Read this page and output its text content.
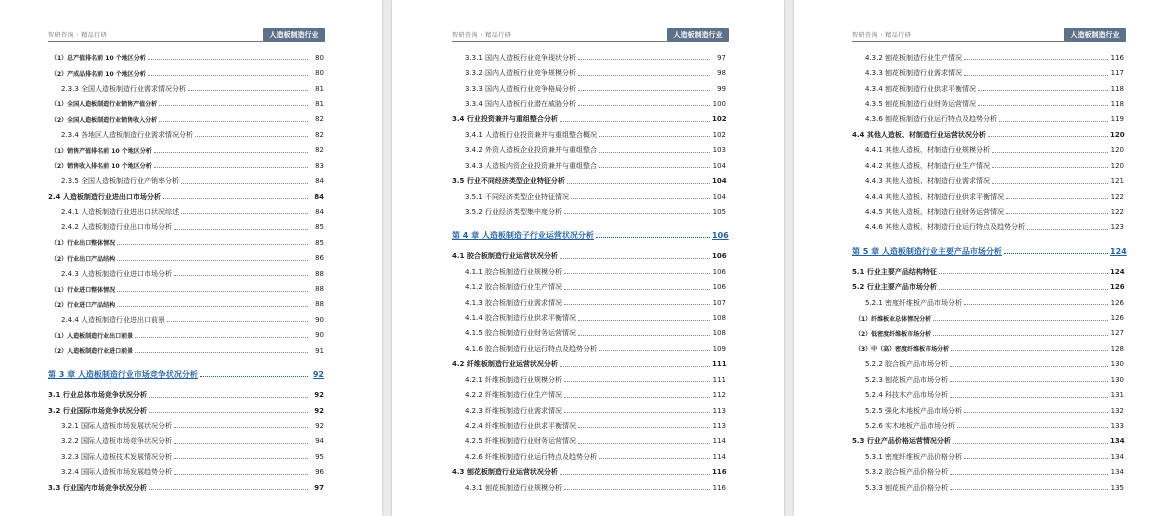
智研咨询 · 精品行研	人造板制造行业
（1）总产值排名前 10 个地区分析	80
（2）产成品排名前 10 个地区分析	80
2.3.3 全国人造板制造行业需求情况分析	81
（1）全国人造板制造行业销售产值分析	81
（2）全国人造板制造行业销售收入分析	82
2.3.4 各地区人造板制造行业需求情况分析	82
（1）销售产值排名前 10 个地区分析	82
（2）销售收入排名前 10 个地区分析	83
2.3.5 全国人造板制造行业产销率分析	84
2.4 人造板制造行业进出口市场分析	84
2.4.1 人造板制造行业进出口状况综述	84
2.4.2 人造板制造行业出口市场分析	85
（1）行业出口整体情况	85
（2）行业出口产品结构	86
2.4.3 人造板制造行业进口市场分析	88
（1）行业进口整体情况	88
（2）行业进口产品结构	88
2.4.4 人造板制造行业进出口前景	90
（1）人造板制造行业出口前景	90
（2）人造板制造行业进口前景	91
第 3 章 人造板制造行业市场竞争状况分析	92
3.1 行业总体市场竞争状况分析	92
3.2 行业国际市场竞争状况分析	92
3.2.1 国际人造板市场发展状况分析	92
3.2.2 国际人造板市场竞争状况分析	94
3.2.3 国际人造板技术发展情况分析	95
3.2.4 国际人造板市场发展趋势分析	96
3.3 行业国内市场竞争状况分析	97
智研咨询 · 精品行研	人造板制造行业
3.3.1 国内人造板行业竞争现状分析	97
3.3.2 国内人造板行业竞争规模分析	98
3.3.3 国内人造板行业竞争格局分析	99
3.3.4 国内人造板行业潜在威胁分析	100
3.4 行业投资兼并与重组整合分析	102
3.4.1 人造板行业投资兼并与重组整合概况	102
3.4.2 外资人造板企业投资兼并与重组整合	103
3.4.3 人造板内资企业投资兼并与重组整合	104
3.5 行业不同经济类型企业特征分析	104
3.5.1 不同经济类型企业特征情况	104
3.5.2 行业经济类型集中度分析	105
第 4 章 人造板制造子行业运营状况分析	106
4.1 胶合板制造行业运营状况分析	106
4.1.1 胶合板制造行业规模分析	106
4.1.2 胶合板制造行业生产情况	106
4.1.3 胶合板制造行业需求情况	107
4.1.4 胶合板制造行业供求平衡情况	108
4.1.5 胶合板制造行业财务运营情况	108
4.1.6 胶合板制造行业运行特点及趋势分析	109
4.2 纤维板制造行业运营状况分析	111
4.2.1 纤维板制造行业规模分析	111
4.2.2 纤维板制造行业生产情况	112
4.2.3 纤维板制造行业需求情况	113
4.2.4 纤维板制造行业供求平衡情况	113
4.2.5 纤维板制造行业财务运营情况	114
4.2.6 纤维板制造行业运行特点及趋势分析	114
4.3 刨花板制造行业运营状况分析	116
4.3.1 刨花板制造行业规模分析	116
智研咨询 · 精品行研	人造板制造行业
4.3.2 刨花板制造行业生产情况	116
4.3.3 刨花板制造行业需求情况	117
4.3.4 刨花板制造行业供求平衡情况	118
4.3.5 刨花板制造行业财务运营情况	118
4.3.6 刨花板制造行业运行特点及趋势分析	119
4.4 其他人造板、材制造行业运营状况分析	120
4.4.1 其他人造板、材制造行业规模分析	120
4.4.2 其他人造板、材制造行业生产情况	120
4.4.3 其他人造板、材制造行业需求情况	121
4.4.4 其他人造板、材制造行业供求平衡情况	122
4.4.5 其他人造板、材制造行业财务运营情况	122
4.4.6 其他人造板、材制造行业运行特点及趋势分析	123
第 5 章 人造板制造行业主要产品市场分析	124
5.1 行业主要产品结构特征	124
5.2 行业主要产品市场分析	126
5.2.1 密度纤维板产品市场分析	126
（1）纤维板业总体情况分析	126
（2）低密度纤维板市场分析	127
（3）中（高）密度纤维板市场分析	128
5.2.2 胶合板产品市场分析	130
5.2.3 刨花板产品市场分析	130
5.2.4 科技木产品市场分析	131
5.2.5 强化木地板产品市场分析	132
5.2.6 实木地板产品市场分析	133
5.3 行业产品价格运营情况分析	134
5.3.1 密度纤维板产品价格分析	134
5.3.2 胶合板产品价格分析	134
5.3.3 刨花板产品价格分析	135
